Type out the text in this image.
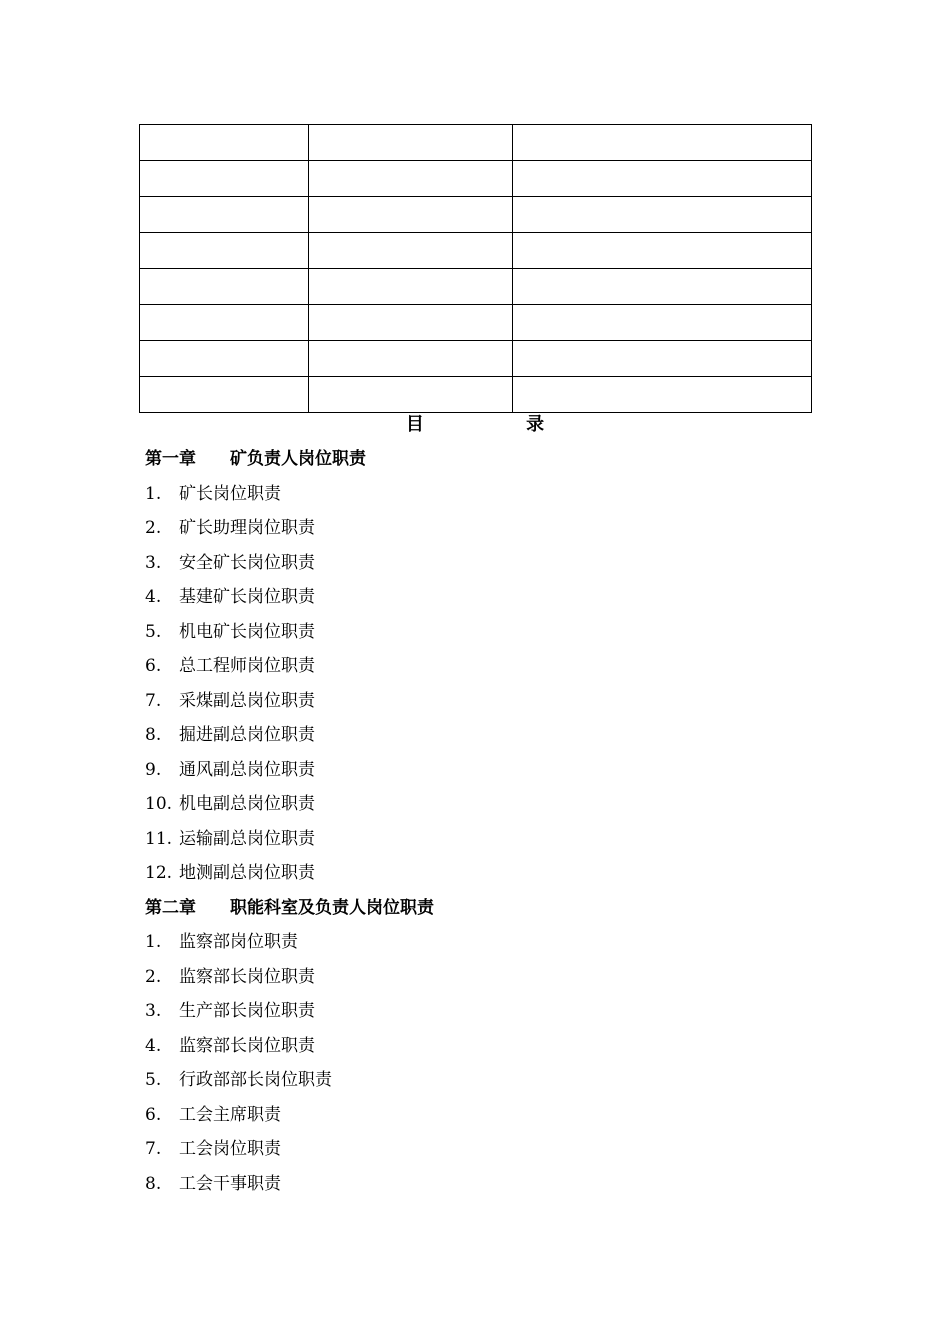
目 录
第一章 矿负责人岗位职责
1. 矿长岗位职责
2. 矿长助理岗位职责
3. 安全矿长岗位职责
4. 基建矿长岗位职责
5. 机电矿长岗位职责
6. 总工程师岗位职责
7. 采煤副总岗位职责
8. 掘进副总岗位职责
9. 通风副总岗位职责
10. 机电副总岗位职责
11. 运输副总岗位职责
12. 地测副总岗位职责
第二章 职能科室及负责人岗位职责
1. 监察部岗位职责
2. 监察部长岗位职责
3. 生产部长岗位职责
4. 监察部长岗位职责
5. 行政部部长岗位职责
6. 工会主席职责
7. 工会岗位职责
8. 工会干事职责
